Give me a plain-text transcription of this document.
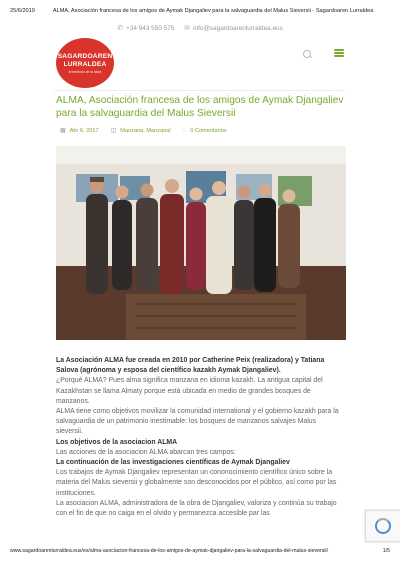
25/6/2019	ALMA, Asociación francesa de los amigos de Aymak Djangaliev para la salvaguardia del Malus Sieversii - Sagardoaren Lurraldea
✆ +34 943 550 575 ✉ info@sagardoarenlurraldea.eus
SAGARDOAREN
LURRALDEA
el territorio de la sidra
ALMA, Asociación francesa de los amigos de Aymak Djangaliev para la salvaguardia del Malus Sieversii
▦ Abr 6, 2017 ◫ Manzana, Manzanal ◌ 0 Comentarios

La Asociación ALMA fue creada en 2010 por Catherine Peix (realizadora) y Tatiana Salova (agrónoma y esposa del científico kazakh Aymak Djangaliev).

¿Porqué ALMA? Pues alma significa manzana en idioma kazakh. La antigua capital del Kazakhstan se llama Almaty porque está ubicada en medio de grandes bosques de manzanos.

ALMA tiene como objetivos movilizar la comunidad international y el gobierno kazakh para la salvaguardia de un patrimonio inestimable: los bosques de manzanos salvajes Malus sieversii.

Los objetivos de la asociacion ALMA

Las acciones de la asociacion ALMA abarcan tres campos:

La continuación de las investigaciones científicas de Aymak Djangaliev

Los trabajos de Aymak Djangaliev representan un cononocimiento científico único sobre la materia del Malus sieversii y globalmente son desconocidos por el público, así como por las instituciones.

La asociacion ALMA, administradora de la obra de Djangaliev, valoriza y continúa su trabajo con el fin de que no caiga en el olvido y permanezca accesible par las

www.sagardoarenlurraldea.eus/es/alma-asociacion-francesa-de-los-amigos-de-aymak-djangaliev-para-la-salvaguardia-del-malus-sieversii/	1/5
